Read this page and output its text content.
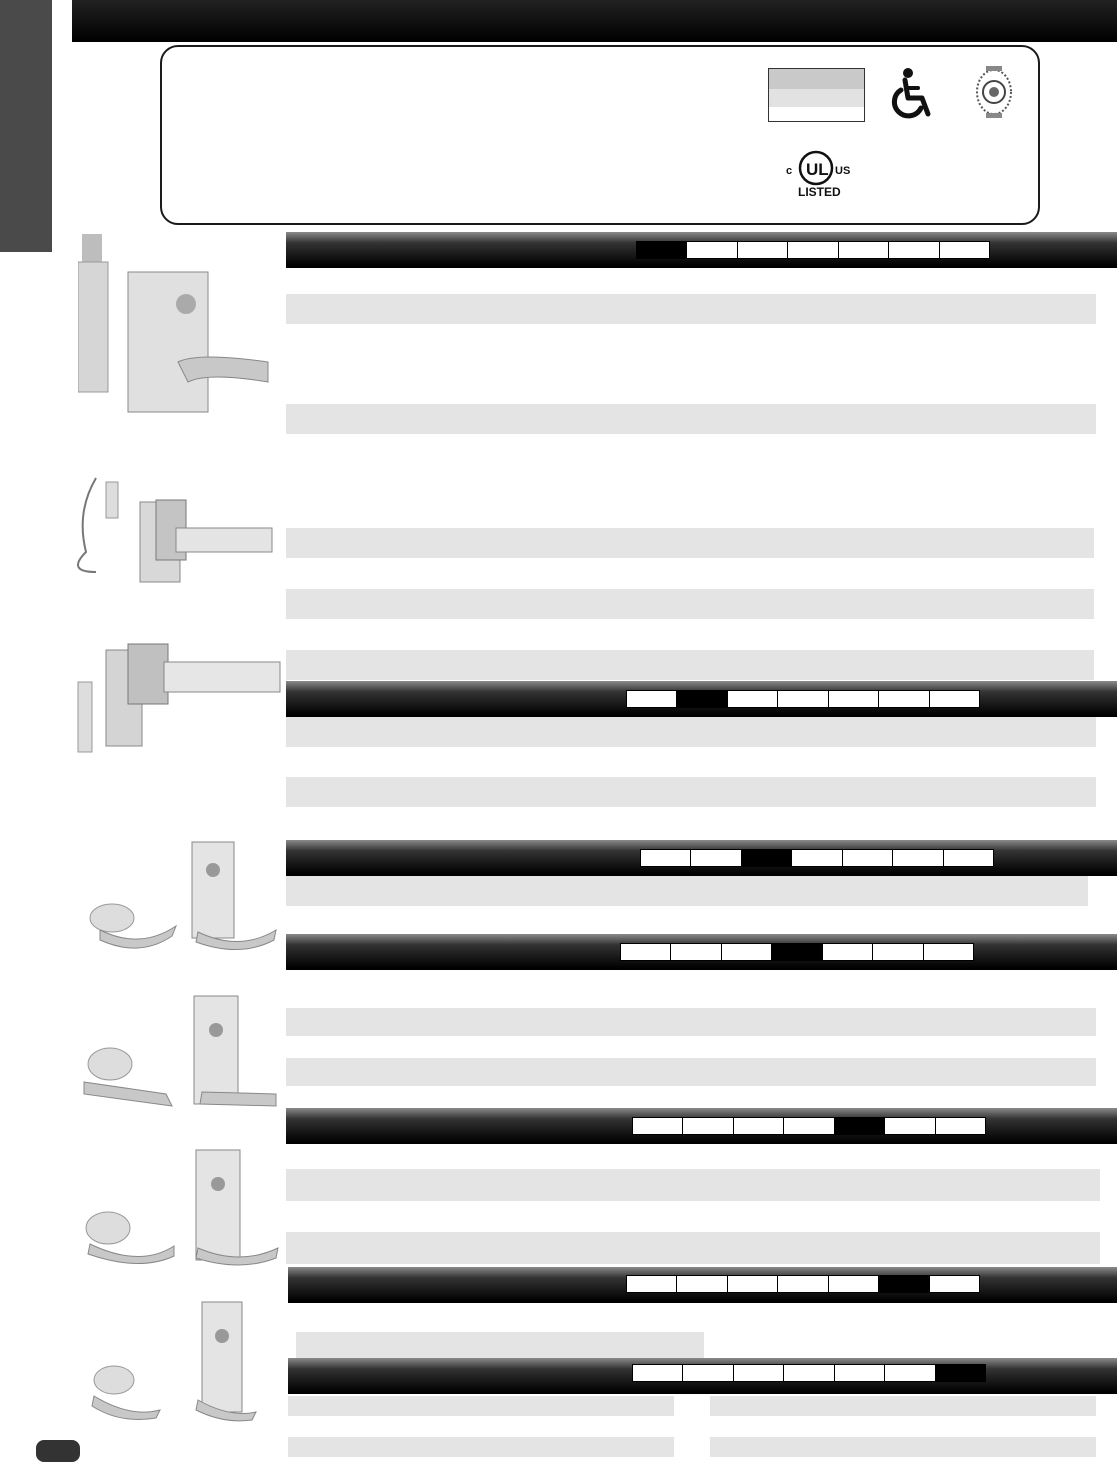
c UL US
LISTED
